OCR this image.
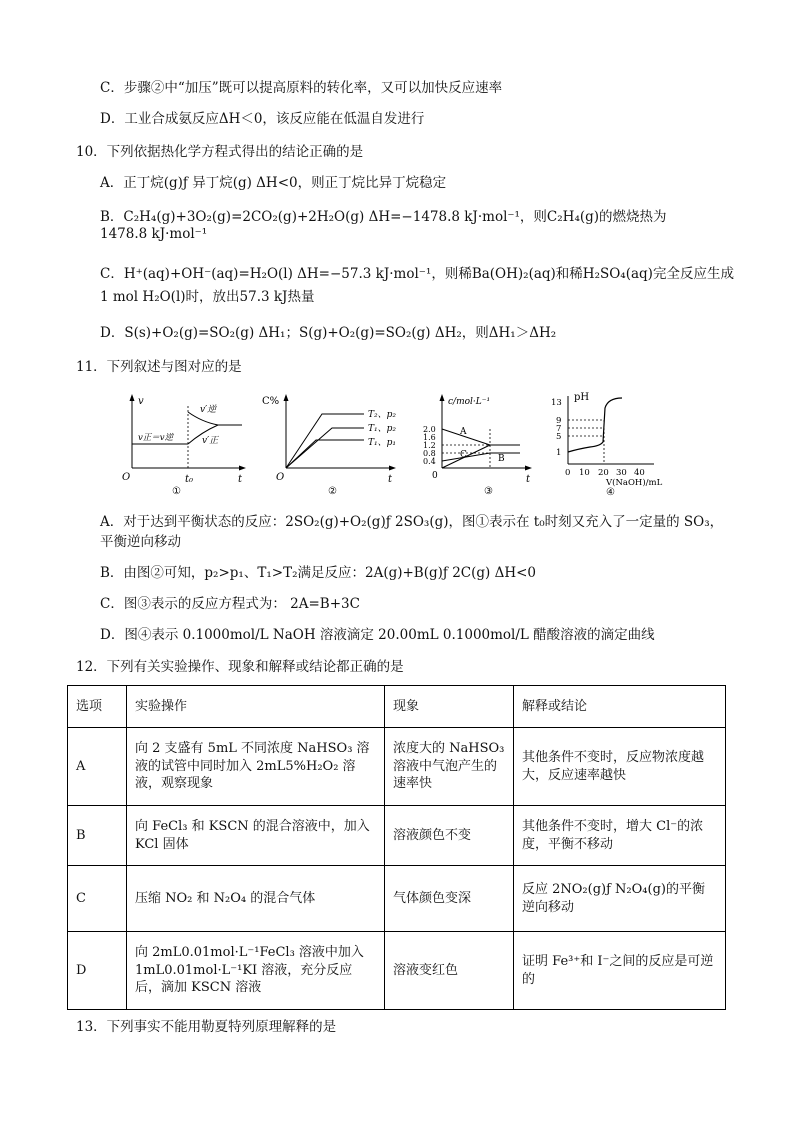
C．步骤②中“加压”既可以提高原料的转化率，又可以加快反应速率
D．工业合成氨反应ΔH＜0，该反应能在低温自发进行
10．下列依据热化学方程式得出的结论正确的是
A．正丁烷(g)ƒ 异丁烷(g) ΔH<0，则正丁烷比异丁烷稳定
B．C₂H₄(g)+3O₂(g)=2CO₂(g)+2H₂O(g) ΔH=−1478.8 kJ·mol⁻¹，则C₂H₄(g)的燃烧热为
1478.8 kJ·mol⁻¹
C．H⁺(aq)+OH⁻(aq)=H₂O(l) ΔH=−57.3 kJ·mol⁻¹，则稀Ba(OH)₂(aq)和稀H₂SO₄(aq)完全反应生成
1 mol H₂O(l)时，放出57.3 kJ热量
D．S(s)+O₂(g)=SO₂(g) ΔH₁；S(g)+O₂(g)=SO₂(g) ΔH₂，则ΔH₁＞ΔH₂
11．下列叙述与图对应的是
v
O	t
t₀
v′逆
v′正
v正＝v逆
①
C%
O	t
T₂、p₂
T₁、p₂
T₁、p₁
②
c/mol·L⁻¹
0	t
2.0
1.6
1.2
0.8
0.4
A
B
C
③
pH
13
9
7
5
1
0 10 20 30 40
V(NaOH)/mL
④
A．对于达到平衡状态的反应：2SO₂(g)+O₂(g)ƒ 2SO₃(g)，图①表示在 t₀时刻又充入了一定量的 SO₃，
平衡逆向移动
B．由图②可知，p₂>p₁、T₁>T₂满足反应：2A(g)+B(g)ƒ 2C(g) ΔH<0
C．图③表示的反应方程式为： 2A=B+3C
D．图④表示 0.1000mol/L NaOH 溶液滴定 20.00mL 0.1000mol/L 醋酸溶液的滴定曲线
12．下列有关实验操作、现象和解释或结论都正确的是
选项	实验操作	现象	解释或结论
A	向 2 支盛有 5mL 不同浓度 NaHSO₃ 溶液的试管中同时加入 2mL5%H₂O₂ 溶液，观察现象	浓度大的 NaHSO₃ 溶液中气泡产生的速率快	其他条件不变时，反应物浓度越大，反应速率越快
B	向 FeCl₃ 和 KSCN 的混合溶液中，加入 KCl 固体	溶液颜色不变	其他条件不变时，增大 Cl⁻的浓度，平衡不移动
C	压缩 NO₂ 和 N₂O₄ 的混合气体	气体颜色变深	反应 2NO₂(g)ƒ N₂O₄(g)的平衡逆向移动
D	向 2mL0.01mol·L⁻¹FeCl₃ 溶液中加入 1mL0.01mol·L⁻¹KI 溶液，充分反应后，滴加 KSCN 溶液	溶液变红色	证明 Fe³⁺和 I⁻之间的反应是可逆的
13．下列事实不能用勒夏特列原理解释的是
